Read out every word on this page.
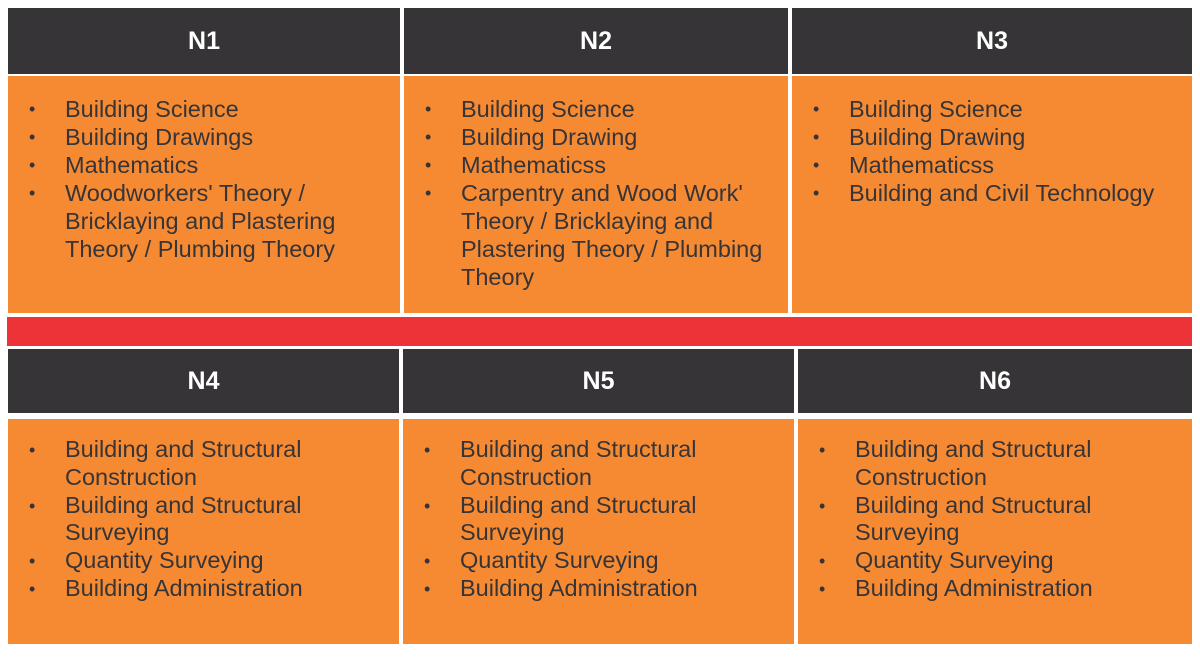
N1
• Building Science
• Building Drawings
• Mathematics
• Woodworkers' Theory / Bricklaying and Plastering Theory / Plumbing Theory
N2
• Building Science
• Building Drawing
• Mathematicss
• Carpentry and Wood Work' Theory / Bricklaying and Plastering Theory / Plumbing Theory
N3
• Building Science
• Building Drawing
• Mathematicss
• Building and Civil Technology
N4
• Building and Structural Construction
• Building and Structural Surveying
• Quantity Surveying
• Building Administration
N5
• Building and Structural Construction
• Building and Structural Surveying
• Quantity Surveying
• Building Administration
N6
• Building and Structural Construction
• Building and Structural Surveying
• Quantity Surveying
• Building Administration
